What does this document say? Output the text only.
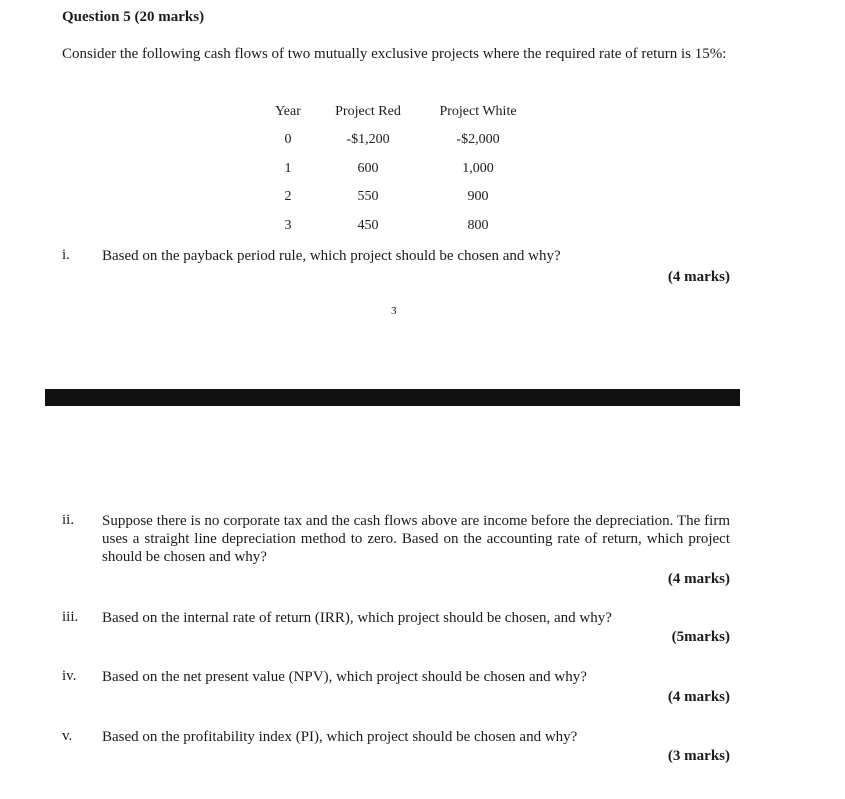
Question 5 (20 marks)
Consider the following cash flows of two mutually exclusive projects where the required rate of return is 15%:
Year	Project Red	Project White
0	-$1,200	-$2,000
1	600	1,000
2	550	900
3	450	800
i. Based on the payback period rule, which project should be chosen and why?
(4 marks)
3
ii. Suppose there is no corporate tax and the cash flows above are income before the depreciation. The firm uses a straight line depreciation method to zero. Based on the accounting rate of return, which project should be chosen and why?
(4 marks)
iii. Based on the internal rate of return (IRR), which project should be chosen, and why?
(5marks)
iv. Based on the net present value (NPV), which project should be chosen and why?
(4 marks)
v. Based on the profitability index (PI), which project should be chosen and why?
(3 marks)
